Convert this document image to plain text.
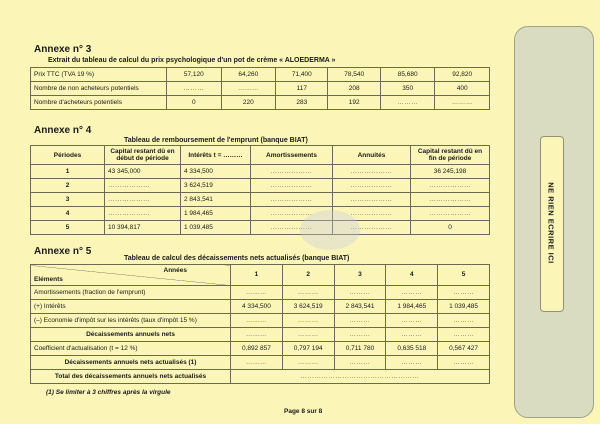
Annexe n° 3
Extrait du tableau de calcul du prix psychologique d'un pot de crème « ALOEDERMA »
Prix TTC (TVA 19 %)	57,120	64,260	71,400	78,540	85,680	92,820
Nombre de non acheteurs potentiels	………	………	117	208	350	400
Nombre d'acheteurs potentiels	0	220	283	192	………	………
Annexe n° 4
Tableau de remboursement de l'emprunt (banque BIAT)
Périodes	Capital restant dû en début de période	Intérêts t = ………	Amortissements	Annuités	Capital restant dû en fin de période
1	43 345,000	4 334,500	………………	………………	36 245,198
2	………………	3 624,519	………………	………………	………………
3	………………	2 843,541	………………	………………	………………
4	………………	1 984,465	………………	………………	………………
5	10 394,817	1 039,485	………………	………………	0
Annexe n° 5
Tableau de calcul des décaissements nets actualisés (banque BIAT)
Années
Eléments	1	2	3	4	5
Amortissements (fraction de l'emprunt)	………	………	………	………	………
(+) Intérêts	4 334,500	3 624,519	2 843,541	1 984,465	1 039,485
(–) Economie d'impôt sur les intérêts (taux d'impôt 15 %)	………	………	………	………	………
Décaissements annuels nets	………	………	………	………	………
Coefficient d'actualisation (t = 12 %)	0,892 857	0,797 194	0,711 780	0,635 518	0,567 427
Décaissements annuels nets actualisés (1)	………	………	………	………	………
Total des décaissements annuels nets actualisés	……………………………………………				
(1) Se limiter à 3 chiffres après la virgule
Page 8 sur 8
NE RIEN ECRIRE ICI
